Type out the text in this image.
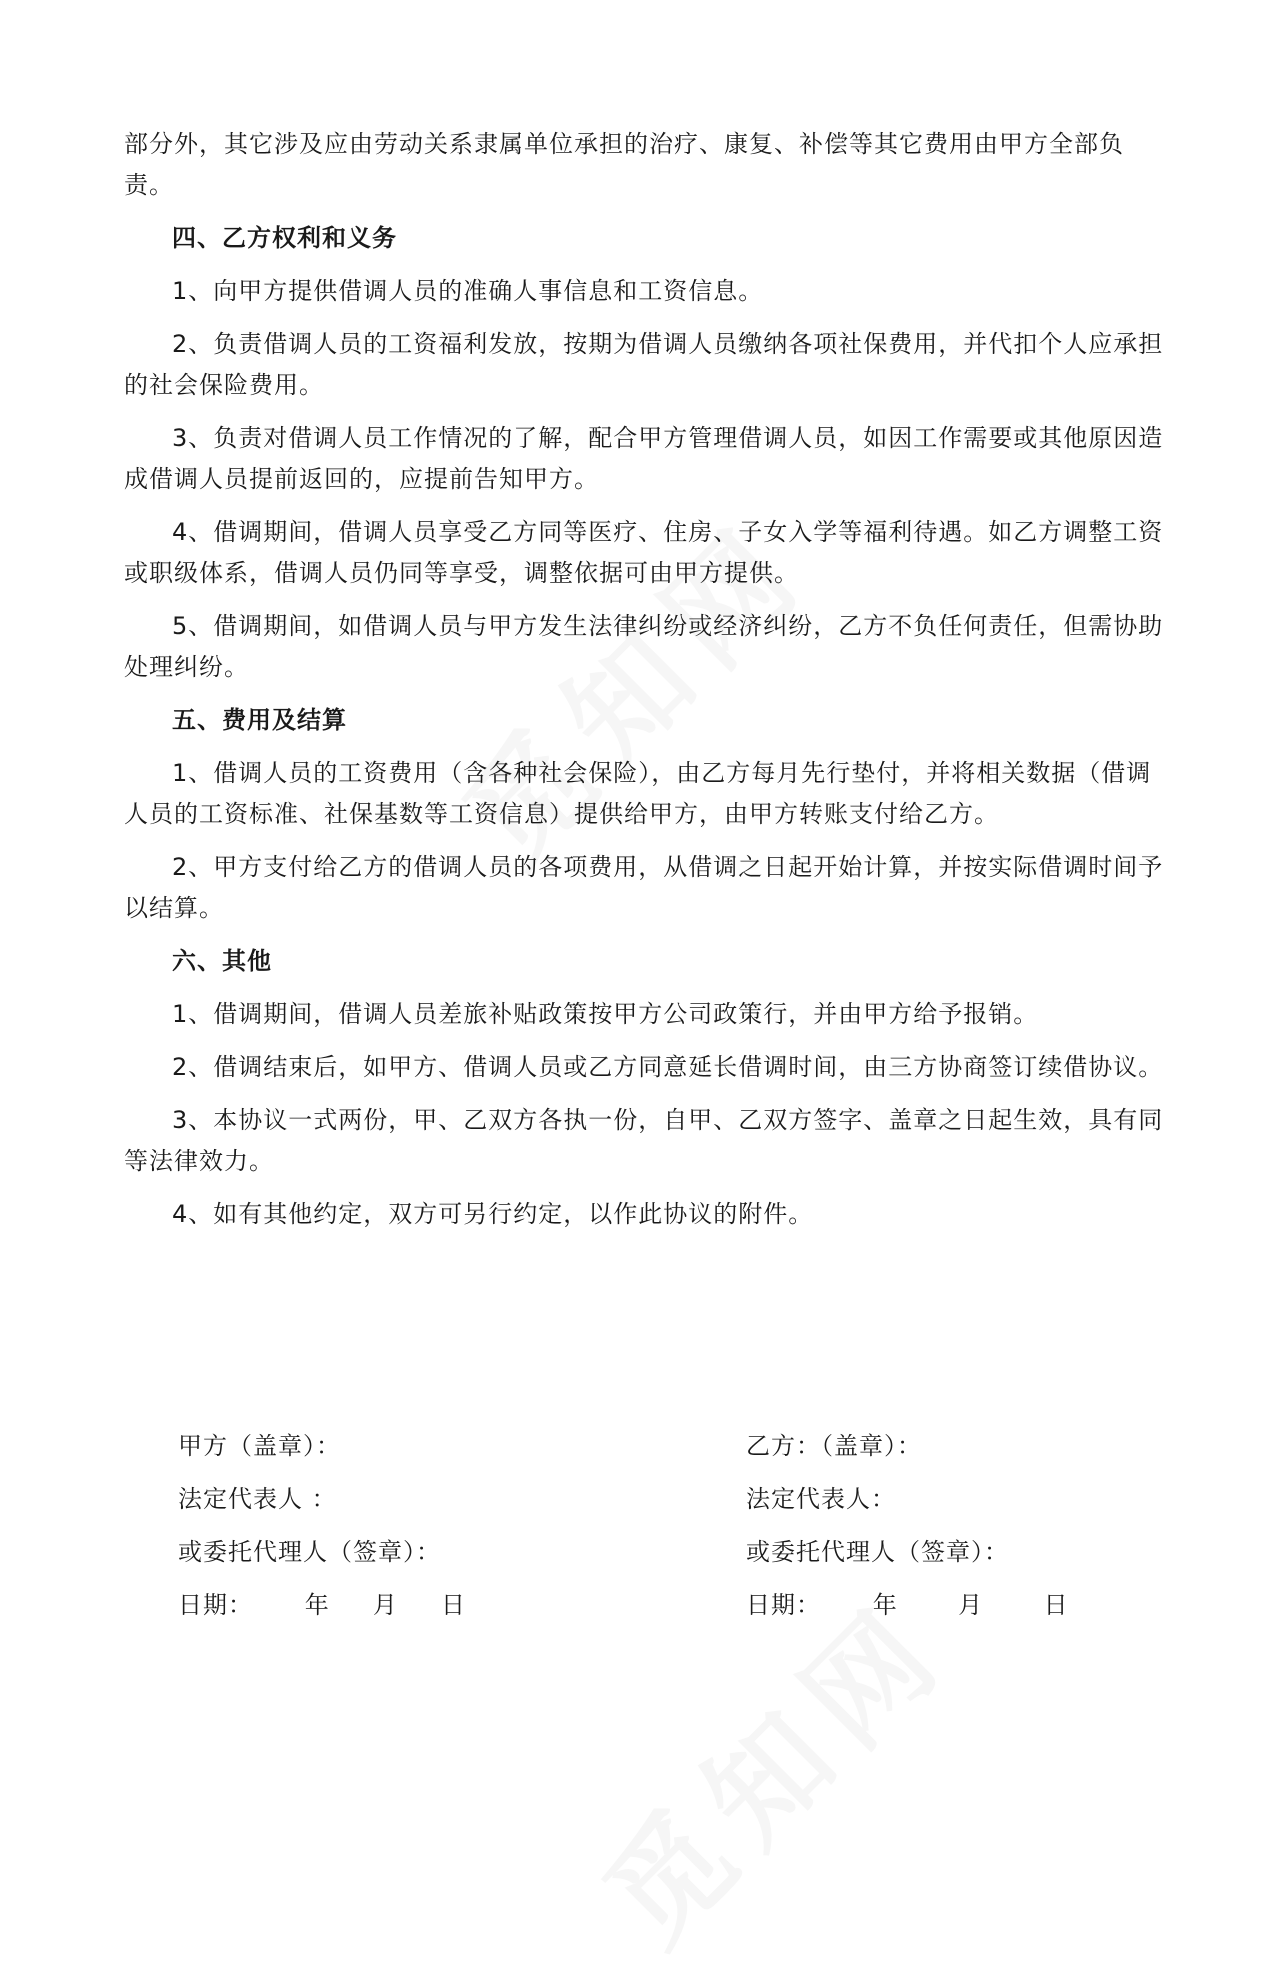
部分外，其它涉及应由劳动关系隶属单位承担的治疗、康复、补偿等其它费用由甲方全部负责。

四、乙方权利和义务

1、向甲方提供借调人员的准确人事信息和工资信息。

2、负责借调人员的工资福利发放，按期为借调人员缴纳各项社保费用，并代扣个人应承担的社会保险费用。

3、负责对借调人员工作情况的了解，配合甲方管理借调人员，如因工作需要或其他原因造成借调人员提前返回的，应提前告知甲方。

4、借调期间，借调人员享受乙方同等医疗、住房、子女入学等福利待遇。如乙方调整工资或职级体系，借调人员仍同等享受，调整依据可由甲方提供。

5、借调期间，如借调人员与甲方发生法律纠纷或经济纠纷，乙方不负任何责任，但需协助处理纠纷。

五、费用及结算

1、借调人员的工资费用（含各种社会保险），由乙方每月先行垫付，并将相关数据（借调人员的工资标准、社保基数等工资信息）提供给甲方，由甲方转账支付给乙方。

2、甲方支付给乙方的借调人员的各项费用，从借调之日起开始计算，并按实际借调时间予以结算。

六、其他

1、借调期间，借调人员差旅补贴政策按甲方公司政策行，并由甲方给予报销。

2、借调结束后，如甲方、借调人员或乙方同意延长借调时间，由三方协商签订续借协议。

3、本协议一式两份，甲、乙双方各执一份，自甲、乙双方签字、盖章之日起生效，具有同等法律效力。

4、如有其他约定，双方可另行约定，以作此协议的附件。

甲方（盖章）：
法定代表人 ：
或委托代理人（签章）：
日期：      年     月     日
乙方：（盖章）：
法定代表人：
或委托代理人（签章）：
日期：      年       月       日
